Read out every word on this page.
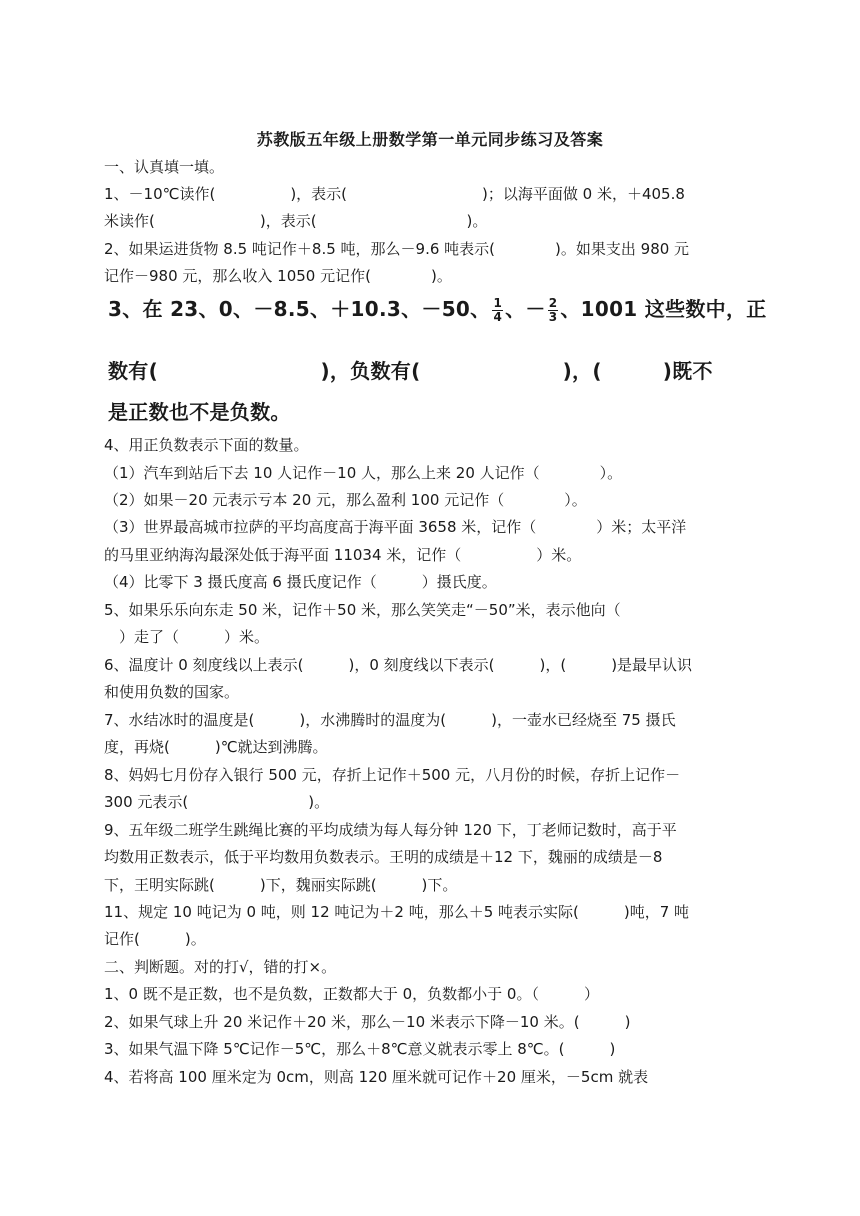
苏教版五年级上册数学第一单元同步练习及答案
一、认真填一填。
1、－10℃读作(　　　　　)，表示(　　　　　　　　　)；以海平面做 0 米，＋405.8
米读作(　　　　　　　)，表示(　　　　　　　　　　)。
2、如果运进货物 8.5 吨记作＋8.5 吨，那么－9.6 吨表示(　　　　)。如果支出 980 元
记作－980 元，那么收入 1050 元记作(　　　　)。
3、在 23、0、－8.5、＋10.3、－50、 $\frac{1}{4}$ 、－ $\frac{2}{3}$ 、1001 这些数中，正
数有(　　　　　　　　)，负数有(　　　　　　　)，(　　　)既不
是正数也不是负数。
4、用正负数表示下面的数量。
（1）汽车到站后下去 10 人记作－10 人，那么上来 20 人记作（　　　　）。
（2）如果－20 元表示亏本 20 元，那么盈利 100 元记作（　　　　）。
（3）世界最高城市拉萨的平均高度高于海平面 3658 米，记作（　　　　）米；太平洋
的马里亚纳海沟最深处低于海平面 11034 米，记作（　　　　　）米。
（4）比零下 3 摄氏度高 6 摄氏度记作（　　　）摄氏度。
5、如果乐乐向东走 50 米，记作＋50 米，那么笑笑走“－50”米，表示他向（
　）走了（　　　）米。
6、温度计 0 刻度线以上表示(　　　)，0 刻度线以下表示(　　　)，(　　　)是最早认识
和使用负数的国家。
7、水结冰时的温度是(　　　)，水沸腾时的温度为(　　　)，一壶水已经烧至 75 摄氏
度，再烧(　　　)℃就达到沸腾。
8、妈妈七月份存入银行 500 元，存折上记作＋500 元，八月份的时候，存折上记作－
300 元表示(　　　　　　　　)。
9、五年级二班学生跳绳比赛的平均成绩为每人每分钟 120 下，丁老师记数时，高于平
均数用正数表示，低于平均数用负数表示。王明的成绩是＋12 下，魏丽的成绩是－8
下，王明实际跳(　　　)下，魏丽实际跳(　　　)下。
11、规定 10 吨记为 0 吨，则 12 吨记为＋2 吨，那么＋5 吨表示实际(　　　)吨，7 吨
记作(　　　)。
二、判断题。对的打√，错的打×。
1、0 既不是正数，也不是负数，正数都大于 0，负数都小于 0。（　　　）
2、如果气球上升 20 米记作＋20 米，那么－10 米表示下降－10 米。(　　　)
3、如果气温下降 5℃记作－5℃，那么＋8℃意义就表示零上 8℃。(　　　)
4、若将高 100 厘米定为 0cm，则高 120 厘米就可记作＋20 厘米，－5cm 就表
